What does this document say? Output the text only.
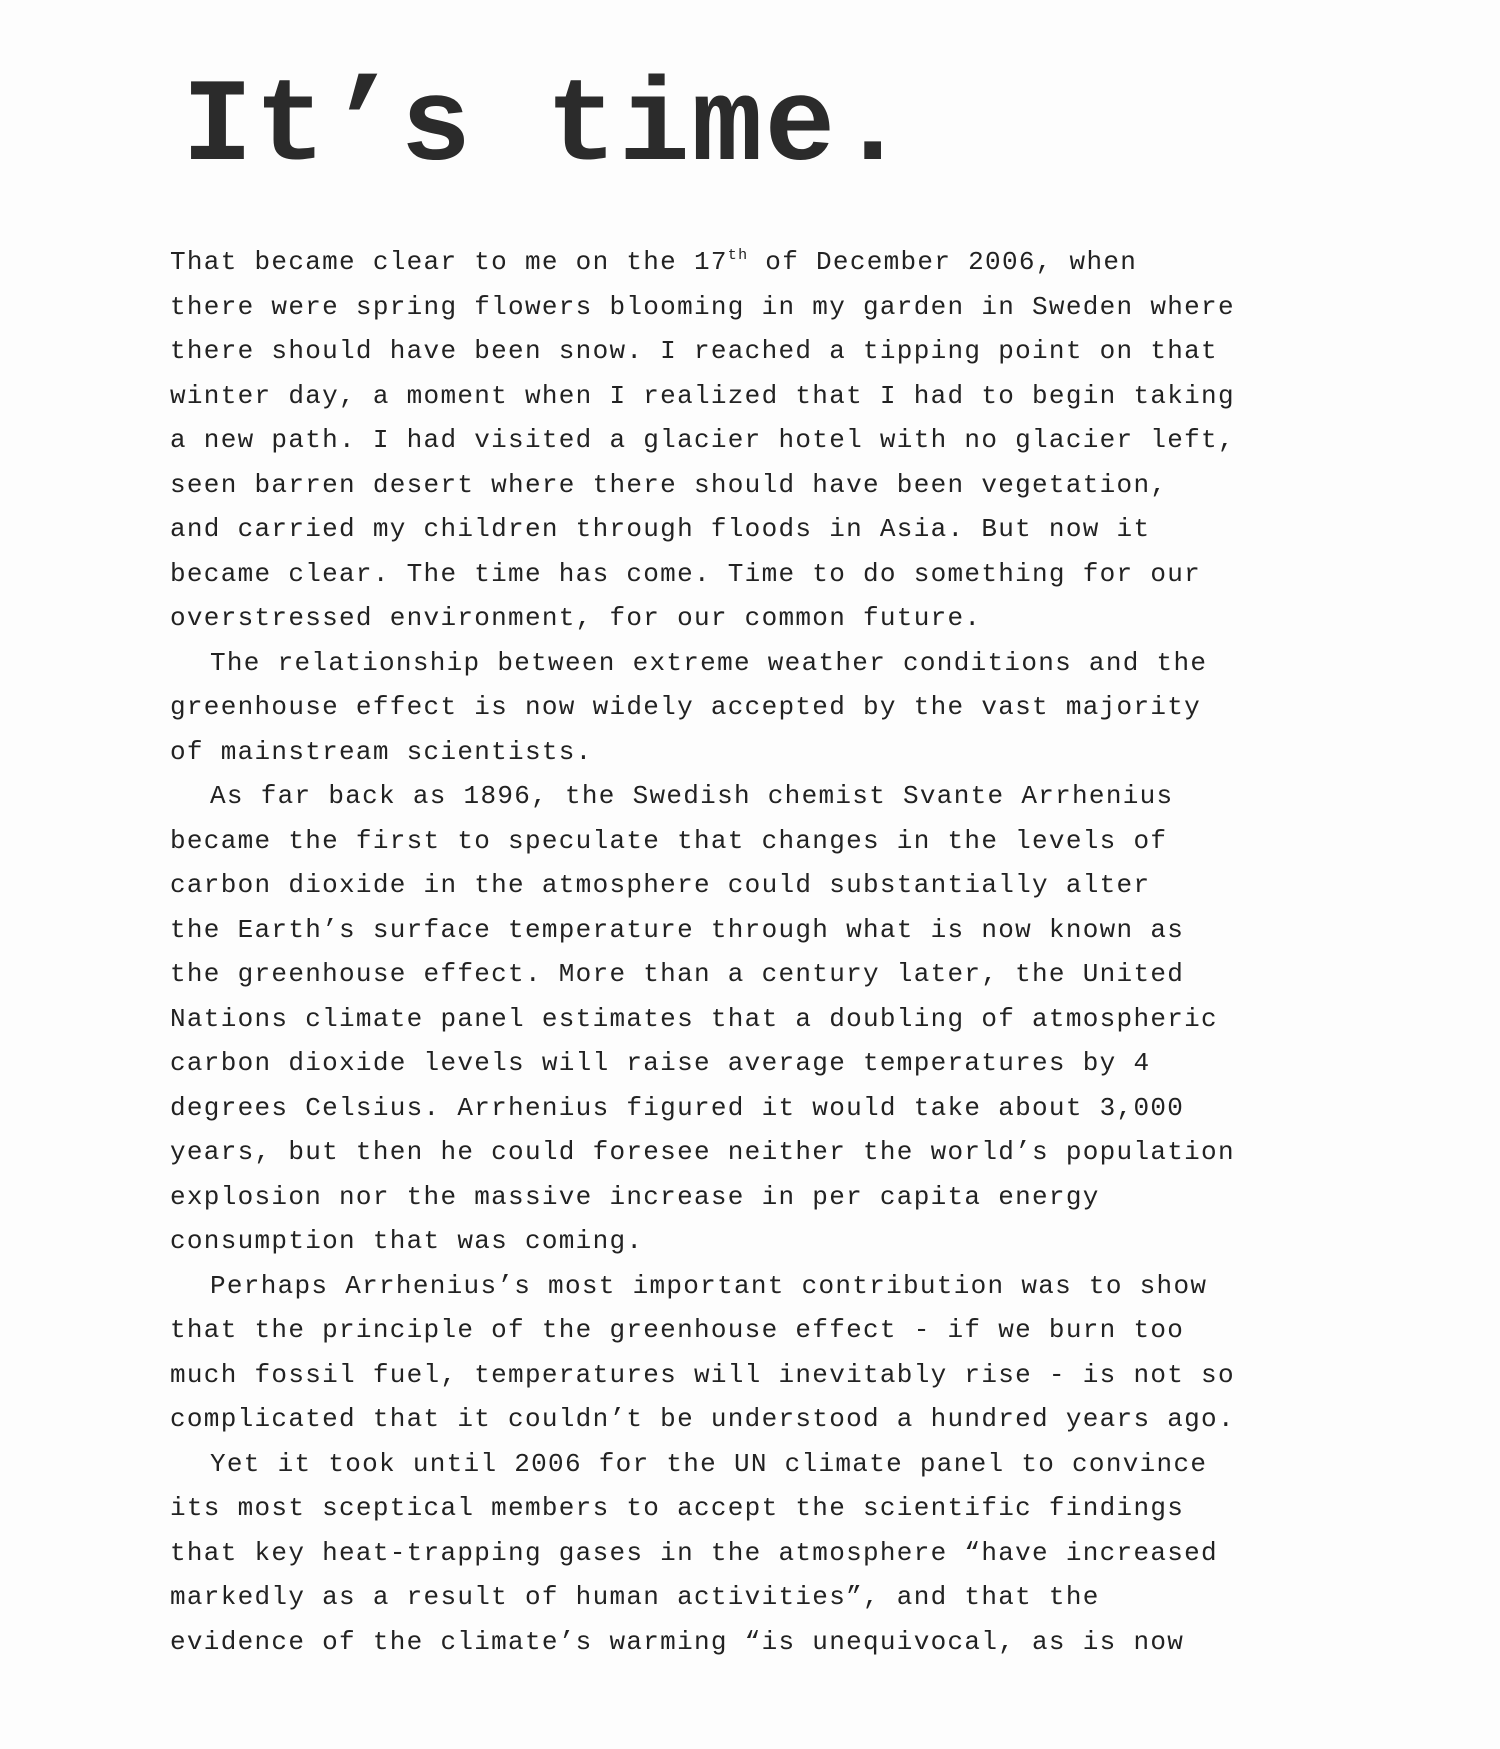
It’s time.
That became clear to me on the 17th of December 2006, when
there were spring flowers blooming in my garden in Sweden where
there should have been snow. I reached a tipping point on that
winter day, a moment when I realized that I had to begin taking
a new path. I had visited a glacier hotel with no glacier left,
seen barren desert where there should have been vegetation,
and carried my children through floods in Asia. But now it
became clear. The time has come. Time to do something for our
overstressed environment, for our common future.
The relationship between extreme weather conditions and the
greenhouse effect is now widely accepted by the vast majority
of mainstream scientists.
As far back as 1896, the Swedish chemist Svante Arrhenius
became the first to speculate that changes in the levels of
carbon dioxide in the atmosphere could substantially alter
the Earth’s surface temperature through what is now known as
the greenhouse effect. More than a century later, the United
Nations climate panel estimates that a doubling of atmospheric
carbon dioxide levels will raise average temperatures by 4
degrees Celsius. Arrhenius figured it would take about 3,000
years, but then he could foresee neither the world’s population
explosion nor the massive increase in per capita energy
consumption that was coming.
Perhaps Arrhenius’s most important contribution was to show
that the principle of the greenhouse effect - if we burn too
much fossil fuel, temperatures will inevitably rise - is not so
complicated that it couldn’t be understood a hundred years ago.
Yet it took until 2006 for the UN climate panel to convince
its most sceptical members to accept the scientific findings
that key heat-trapping gases in the atmosphere “have increased
markedly as a result of human activities”, and that the
evidence of the climate’s warming “is unequivocal, as is now
